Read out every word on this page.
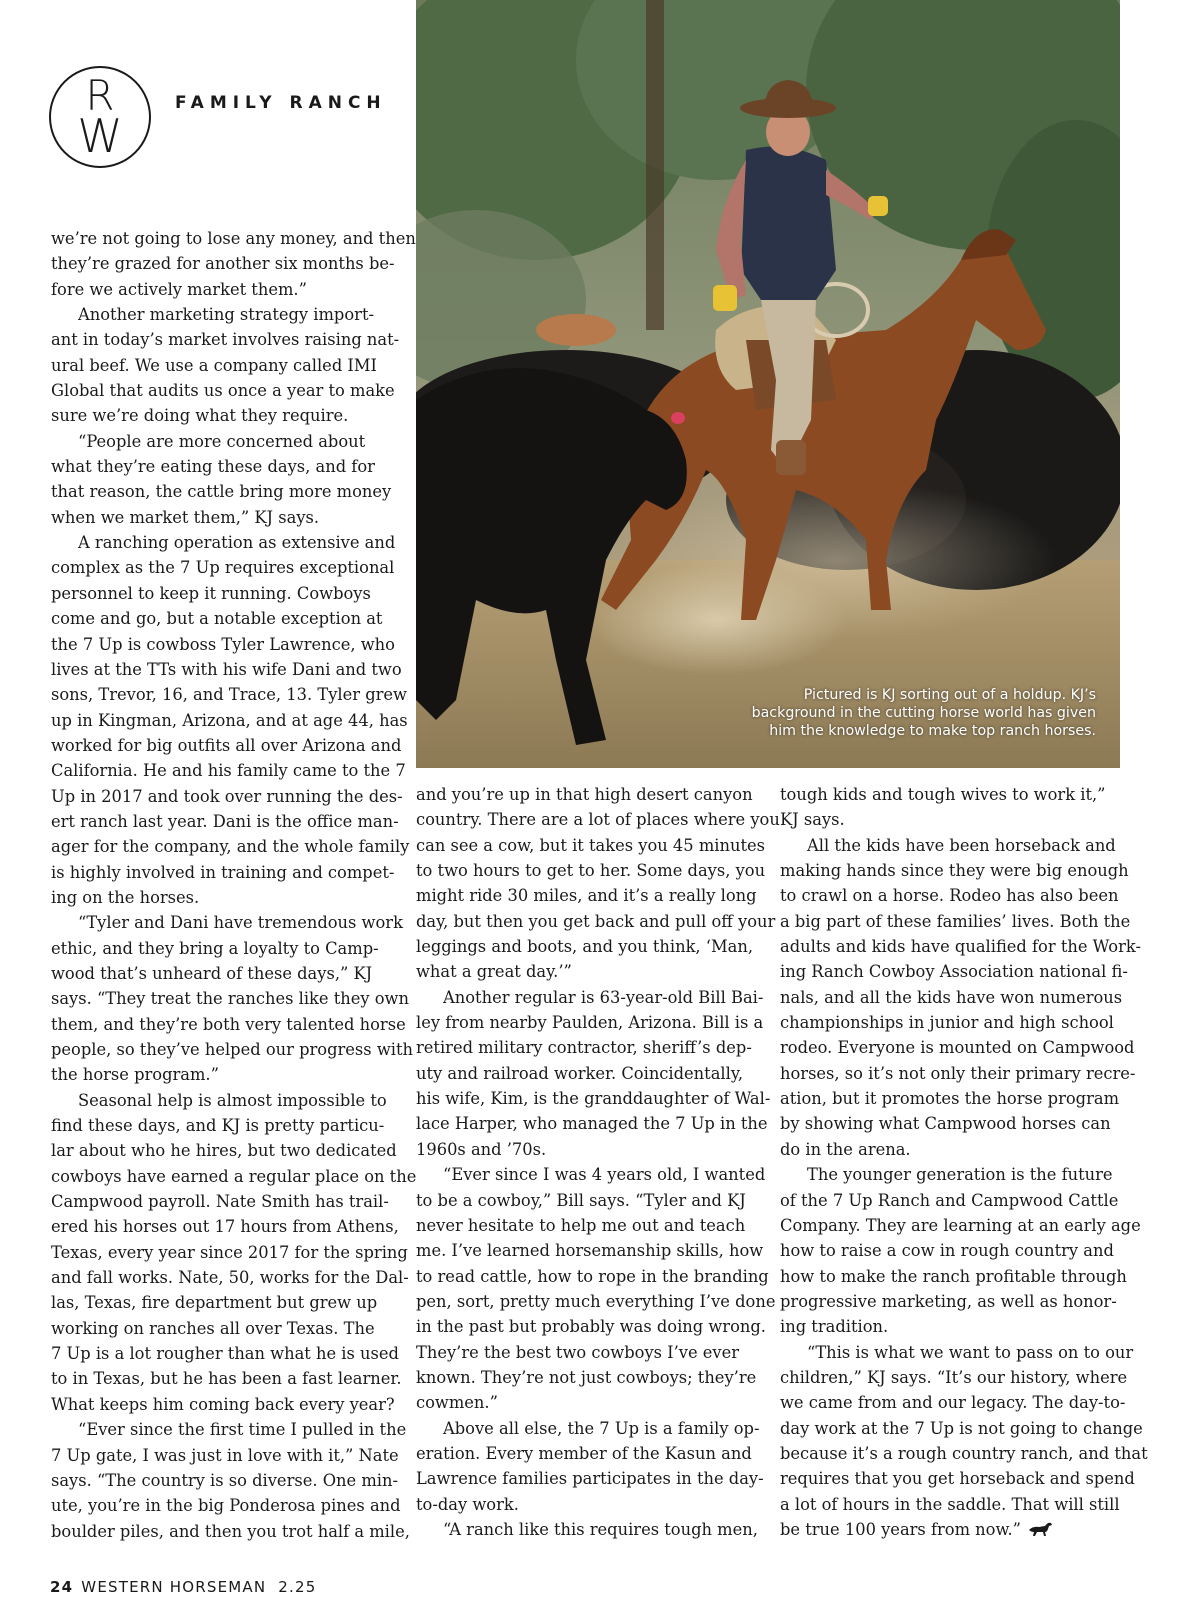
R
W
FAMILY RANCH
Pictured is KJ sorting out of a holdup. KJ’s
background in the cutting horse world has given
him the knowledge to make top ranch horses.

we’re not going to lose any money, and then
they’re grazed for another six months be-
fore we actively market them.”

Another marketing strategy import-
ant in today’s market involves raising nat-
ural beef. We use a company called IMI
Global that audits us once a year to make
sure we’re doing what they require.

“People are more concerned about
what they’re eating these days, and for
that reason, the cattle bring more money
when we market them,” KJ says.

A ranching operation as extensive and
complex as the 7 Up requires exceptional
personnel to keep it running. Cowboys
come and go, but a notable exception at
the 7 Up is cowboss Tyler Lawrence, who
lives at the TTs with his wife Dani and two
sons, Trevor, 16, and Trace, 13. Tyler grew
up in Kingman, Arizona, and at age 44, has
worked for big outfits all over Arizona and
California. He and his family came to the 7
Up in 2017 and took over running the des-
ert ranch last year. Dani is the office man-
ager for the company, and the whole family
is highly involved in training and compet-
ing on the horses.

“Tyler and Dani have tremendous work
ethic, and they bring a loyalty to Camp-
wood that’s unheard of these days,” KJ
says. “They treat the ranches like they own
them, and they’re both very talented horse
people, so they’ve helped our progress with
the horse program.”

Seasonal help is almost impossible to
find these days, and KJ is pretty particu-
lar about who he hires, but two dedicated
cowboys have earned a regular place on the
Campwood payroll. Nate Smith has trail-
ered his horses out 17 hours from Athens,
Texas, every year since 2017 for the spring
and fall works. Nate, 50, works for the Dal-
las, Texas, fire department but grew up
working on ranches all over Texas. The
7 Up is a lot rougher than what he is used
to in Texas, but he has been a fast learner.
What keeps him coming back every year?

“Ever since the first time I pulled in the
7 Up gate, I was just in love with it,” Nate
says. “The country is so diverse. One min-
ute, you’re in the big Ponderosa pines and
boulder piles, and then you trot half a mile,

and you’re up in that high desert canyon
country. There are a lot of places where you
can see a cow, but it takes you 45 minutes
to two hours to get to her. Some days, you
might ride 30 miles, and it’s a really long
day, but then you get back and pull off your
leggings and boots, and you think, ‘Man,
what a great day.’”

Another regular is 63-year-old Bill Bai-
ley from nearby Paulden, Arizona. Bill is a
retired military contractor, sheriff’s dep-
uty and railroad worker. Coincidentally,
his wife, Kim, is the granddaughter of Wal-
lace Harper, who managed the 7 Up in the
1960s and ’70s.

“Ever since I was 4 years old, I wanted
to be a cowboy,” Bill says. “Tyler and KJ
never hesitate to help me out and teach
me. I’ve learned horsemanship skills, how
to read cattle, how to rope in the branding
pen, sort, pretty much everything I’ve done
in the past but probably was doing wrong.
They’re the best two cowboys I’ve ever
known. They’re not just cowboys; they’re
cowmen.”

Above all else, the 7 Up is a family op-
eration. Every member of the Kasun and
Lawrence families participates in the day-
to-day work.

“A ranch like this requires tough men,

tough kids and tough wives to work it,”
KJ says.

All the kids have been horseback and
making hands since they were big enough
to crawl on a horse. Rodeo has also been
a big part of these families’ lives. Both the
adults and kids have qualified for the Work-
ing Ranch Cowboy Association national fi-
nals, and all the kids have won numerous
championships in junior and high school
rodeo. Everyone is mounted on Campwood
horses, so it’s not only their primary recre-
ation, but it promotes the horse program
by showing what Campwood horses can
do in the arena.

The younger generation is the future
of the 7 Up Ranch and Campwood Cattle
Company. They are learning at an early age
how to raise a cow in rough country and
how to make the ranch profitable through
progressive marketing, as well as honor-
ing tradition.

“This is what we want to pass on to our
children,” KJ says. “It’s our history, where
we came from and our legacy. The day-to-
day work at the 7 Up is not going to change
because it’s a rough country ranch, and that
requires that you get horseback and spend
a lot of hours in the saddle. That will still
be true 100 years from now.”

24 WESTERN HORSEMAN 2.25
